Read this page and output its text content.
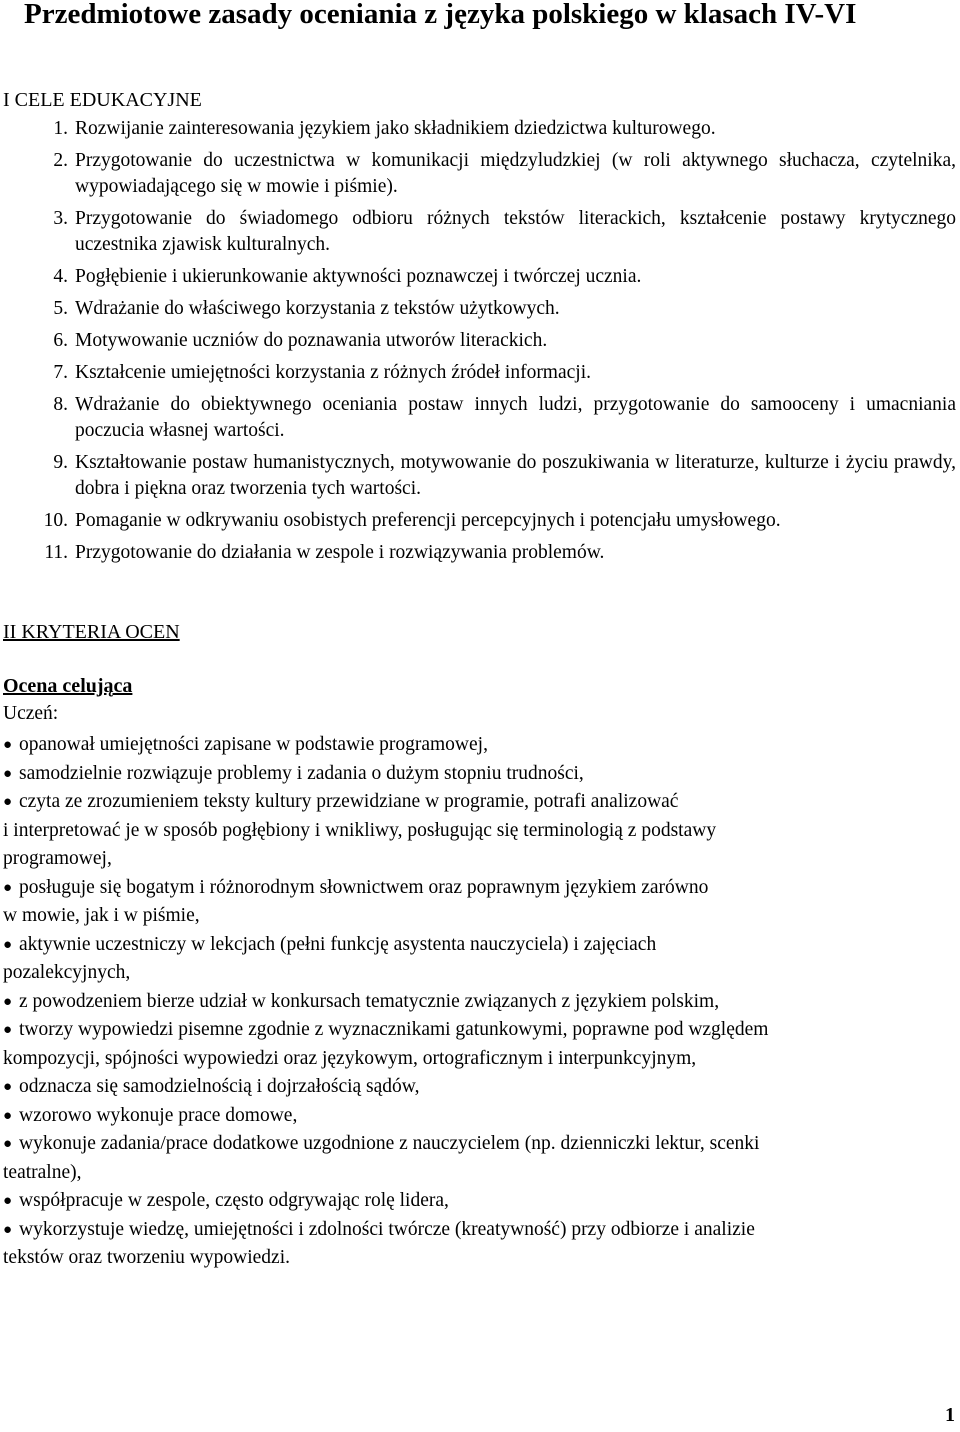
Przedmiotowe zasady oceniania z języka polskiego w klasach IV-VI
I CELE EDUKACYJNE
1. Rozwijanie zainteresowania językiem jako składnikiem dziedzictwa kulturowego.
2. Przygotowanie do uczestnictwa w komunikacji międzyludzkiej (w roli aktywnego słuchacza, czytelnika, wypowiadającego się w mowie i piśmie).
3. Przygotowanie do świadomego odbioru różnych tekstów literackich, kształcenie postawy krytycznego uczestnika zjawisk kulturalnych.
4. Pogłębienie i ukierunkowanie aktywności poznawczej i twórczej ucznia.
5. Wdrażanie do właściwego korzystania z tekstów użytkowych.
6. Motywowanie uczniów do poznawania utworów literackich.
7. Kształcenie umiejętności korzystania z różnych źródeł informacji.
8. Wdrażanie do obiektywnego oceniania postaw innych ludzi, przygotowanie do samooceny i umacniania poczucia własnej wartości.
9. Kształtowanie postaw humanistycznych, motywowanie do poszukiwania w literaturze, kulturze i życiu prawdy, dobra i piękna oraz tworzenia tych wartości.
10. Pomaganie w odkrywaniu osobistych preferencji percepcyjnych i potencjału umysłowego.
11. Przygotowanie do działania w zespole i rozwiązywania problemów.
II KRYTERIA OCEN
Ocena celująca

Uczeń:

● opanował umiejętności zapisane w podstawie programowej,
● samodzielnie rozwiązuje problemy i zadania o dużym stopniu trudności,
● czyta ze zrozumieniem teksty kultury przewidziane w programie, potrafi analizować
i interpretować je w sposób pogłębiony i wnikliwy, posługując się terminologią z podstawy
programowej,
● posługuje się bogatym i różnorodnym słownictwem oraz poprawnym językiem zarówno
w mowie, jak i w piśmie,
● aktywnie uczestniczy w lekcjach (pełni funkcję asystenta nauczyciela) i zajęciach
pozalekcyjnych,
● z powodzeniem bierze udział w konkursach tematycznie związanych z językiem polskim,
● tworzy wypowiedzi pisemne zgodnie z wyznacznikami gatunkowymi, poprawne pod względem
kompozycji, spójności wypowiedzi oraz językowym, ortograficznym i interpunkcyjnym,
● odznacza się samodzielnością i dojrzałością sądów,
● wzorowo wykonuje prace domowe,
● wykonuje zadania/prace dodatkowe uzgodnione z nauczycielem (np. dzienniczki lektur, scenki
teatralne),
● współpracuje w zespole, często odgrywając rolę lidera,
● wykorzystuje wiedzę, umiejętności i zdolności twórcze (kreatywność) przy odbiorze i analizie
tekstów oraz tworzeniu wypowiedzi.
1
